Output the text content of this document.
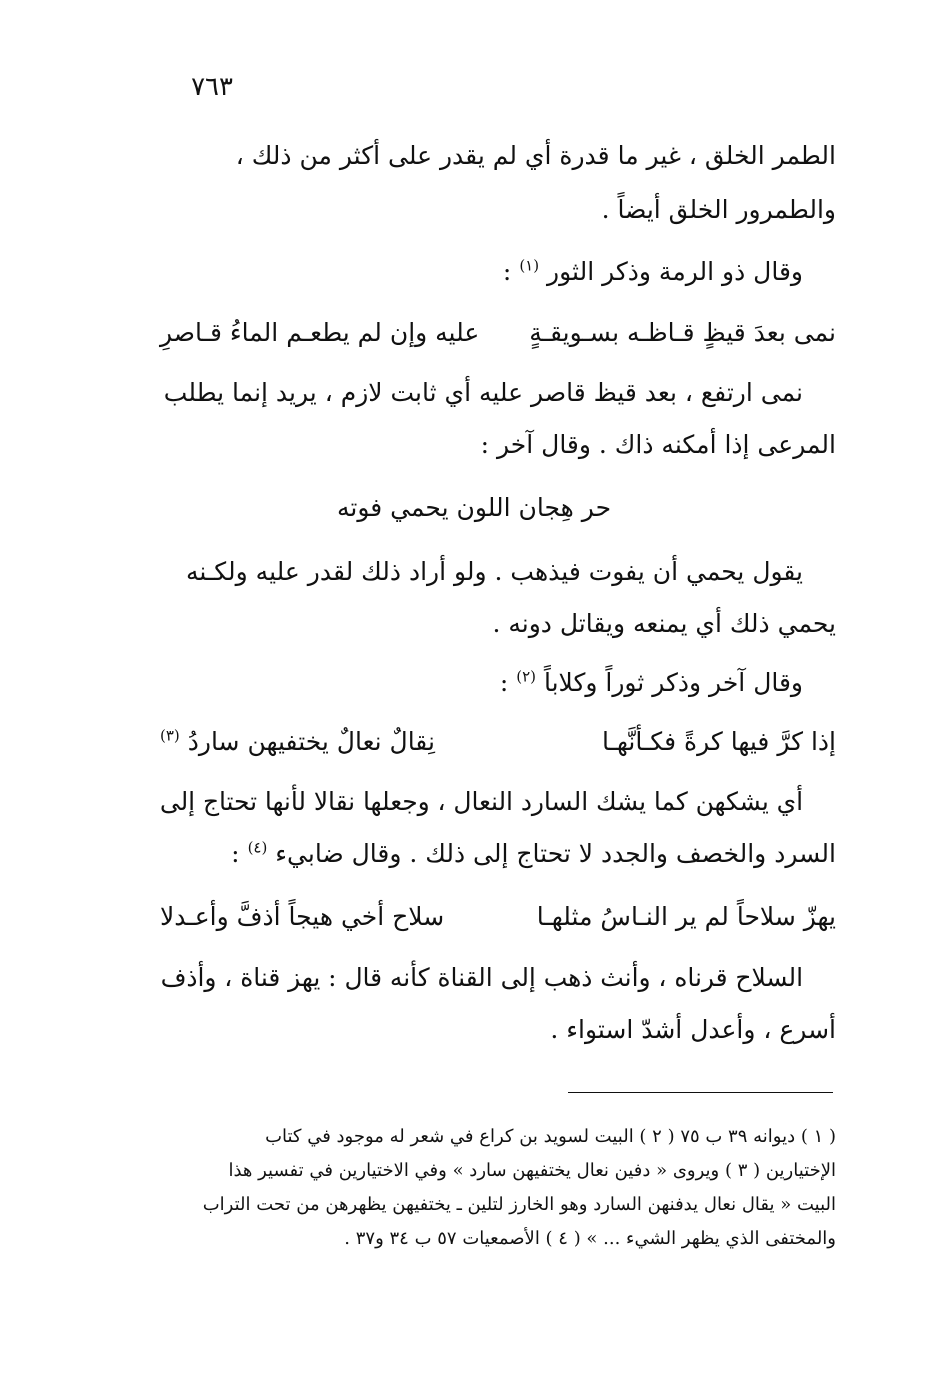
٧٦٣
الطمر الخلق ، غير ما قدرة أي لم يقدر على أكثر من ذلك ،
والطمرور الخلق أيضاً .
وقال ذو الرمة وذكر الثور $^{(١)}$ :
نمى بعدَ قيظٍ قـاظـه بسـويقـةٍ
عليه وإن لم يطعـم الماءُ قـاصرِ
نمى ارتفع ، بعد قيظ قاصر عليه أي ثابت لازم ، يريد إنما يطلب
المرعى إذا أمكنه ذاك . وقال آخر :
حر هِجان اللون يحمي فوته
يقول يحمي أن يفوت فيذهب . ولو أراد ذلك لقدر عليه ولكـنه
يحمي ذلك أي يمنعه ويقاتل دونه .
وقال آخر وذكر ثوراً وكلاباً $^{(٢)}$ :
إذا كرَّ فيها كرةً فكـأنَّهـا
نِقالٌ نعالٌ يختفيهن ساردُ $^{(٣)}$
أي يشكهن كما يشك السارد النعال ، وجعلها نقالا لأنها تحتاج إلى
السرد والخصف والجدد لا تحتاج إلى ذلك . وقال ضابيء $^{(٤)}$ :
يهزّ سلاحاً لم ير النـاسُ مثلهـا
سلاح أخي هيجاً أذفَّ وأعـدلا
السلاح قرناه ، وأنث ذهب إلى القناة كأنه قال : يهز قناة ، وأذف
أسرع ، وأعدل أشدّ استواء .

( ١ ) ديوانه ٣٩ ب ٧٥ ( ٢ ) البيت لسويد بن كراع في شعر له موجود في كتاب

الإختيارين ( ٣ ) ويروى « دفين نعال يختفيهن سارد » وفي الاختيارين في تفسير هذا

البيت « يقال نعال يدفنهن السارد وهو الخارز لتلين ـ يختفيهن يظهرهن من تحت التراب

والمختفى الذي يظهر الشيء ... » ( ٤ ) الأصمعيات ٥٧ ب ٣٤ و٣٧ .
